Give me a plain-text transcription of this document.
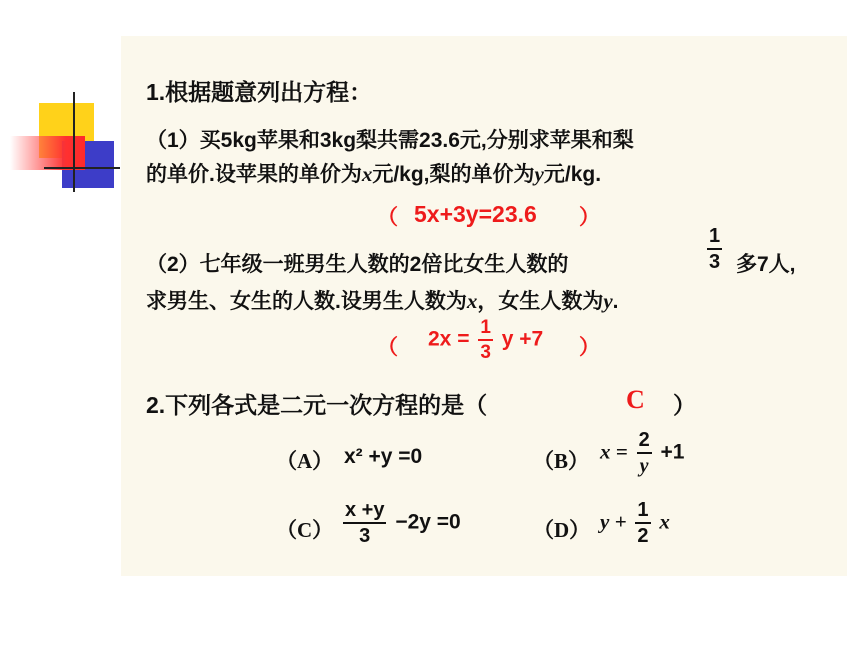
1.根据题意列出方程：
（1）买5kg苹果和3kg梨共需23.6元,分别求苹果和梨
的单价.设苹果的单价为x元/kg,梨的单价为y元/kg.
（ 5x+3y=23.6 ）
（2）七年级一班男生人数的2倍比女生人数的	$\frac{1}{3}$ 多7人,
求男生、女生的人数.设男生人数为x，女生人数为y.
（ $2x = \frac{1}{3}$ y +7 ）
2.下列各式是二元一次方程的是（	C ）
（A） x² +y =0	（B） $x = \frac{2}{y} +1$
$(C) \frac{x +y}{3} -2y =0$	（D） $y + \frac{1}{2}$ x
